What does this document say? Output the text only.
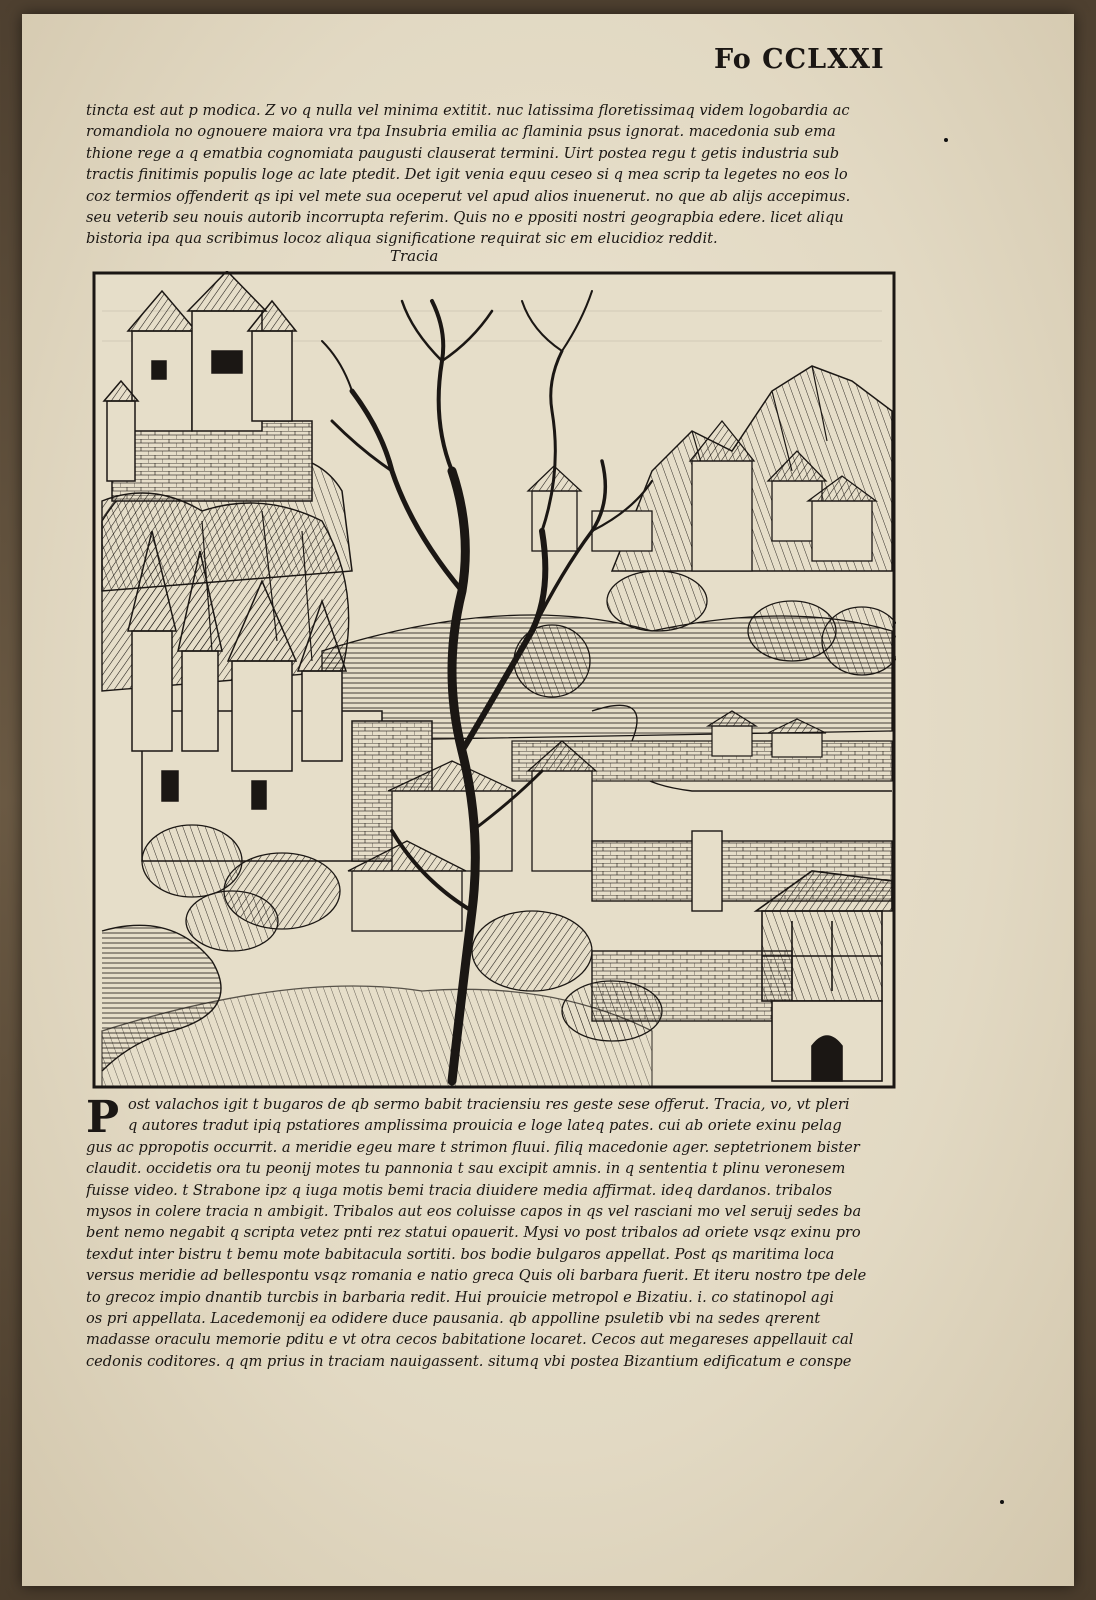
Fo CCLXXI
tincta est aut p modica. Z vo q nulla vel minima extitit. nuc latissima floretissimaq videm logobardia ac
romandiola no ognouere maiora vra tpa Insubria emilia ac flaminia psus ignorat. macedonia sub ema
thione rege a q ematbia cognomiata paugusti clauserat termini. Uirt postea regu t getis industria sub
tractis finitimis populis loge ac late ptedit. Det igit venia equu ceseo si q mea scrip ta legetes no eos lo
coz termios offenderit qs ipi vel mete sua oceperut vel apud alios inuenerut. no que ab alijs accepimus.
seu veterib seu nouis autorib incorrupta referim. Quis no e ppositi nostri geograpbia edere. licet aliqu
bistoria ipa qua scribimus locoz aliqua significatione requirat sic em elucidioz reddit.
Tracia
P ost valachos igit t bugaros de qb sermo babit traciensiu res geste sese offerut. Tracia, vo, vt pleri
q autores tradut ipiq pstatiores amplissima prouicia e loge lateq pates. cui ab oriete exinu pelag
gus ac ppropotis occurrit. a meridie egeu mare t strimon fluui. filiq macedonie ager. septetrionem bister
claudit. occidetis ora tu peonij motes tu pannonia t sau excipit amnis. in q sententia t plinu veronesem
fuisse video. t Strabone ipz q iuga motis bemi tracia diuidere media affirmat. ideq dardanos. tribalos
mysos in colere tracia n ambigit. Tribalos aut eos coluisse capos in qs vel rasciani mo vel seruij sedes ba
bent nemo negabit q scripta vetez pnti rez statui opauerit. Mysi vo post tribalos ad oriete vsqz exinu pro
texdut inter bistru t bemu mote babitacula sortiti. bos bodie bulgaros appellat. Post qs maritima loca
versus meridie ad bellespontu vsqz romania e natio greca Quis oli barbara fuerit. Et iteru nostro tpe dele
to grecoz impio dnantib turcbis in barbaria redit. Hui prouicie metropol e Bizatiu. i. co statinopol agi
os pri appellata. Lacedemonij ea odidere duce pausania. qb appolline psuletib vbi na sedes qrerent
madasse oraculu memorie pditu e vt otra cecos babitatione locaret. Cecos aut megareses appellauit cal
cedonis coditores. q qm prius in traciam nauigassent. situmq vbi postea Bizantium edificatum e conspe
